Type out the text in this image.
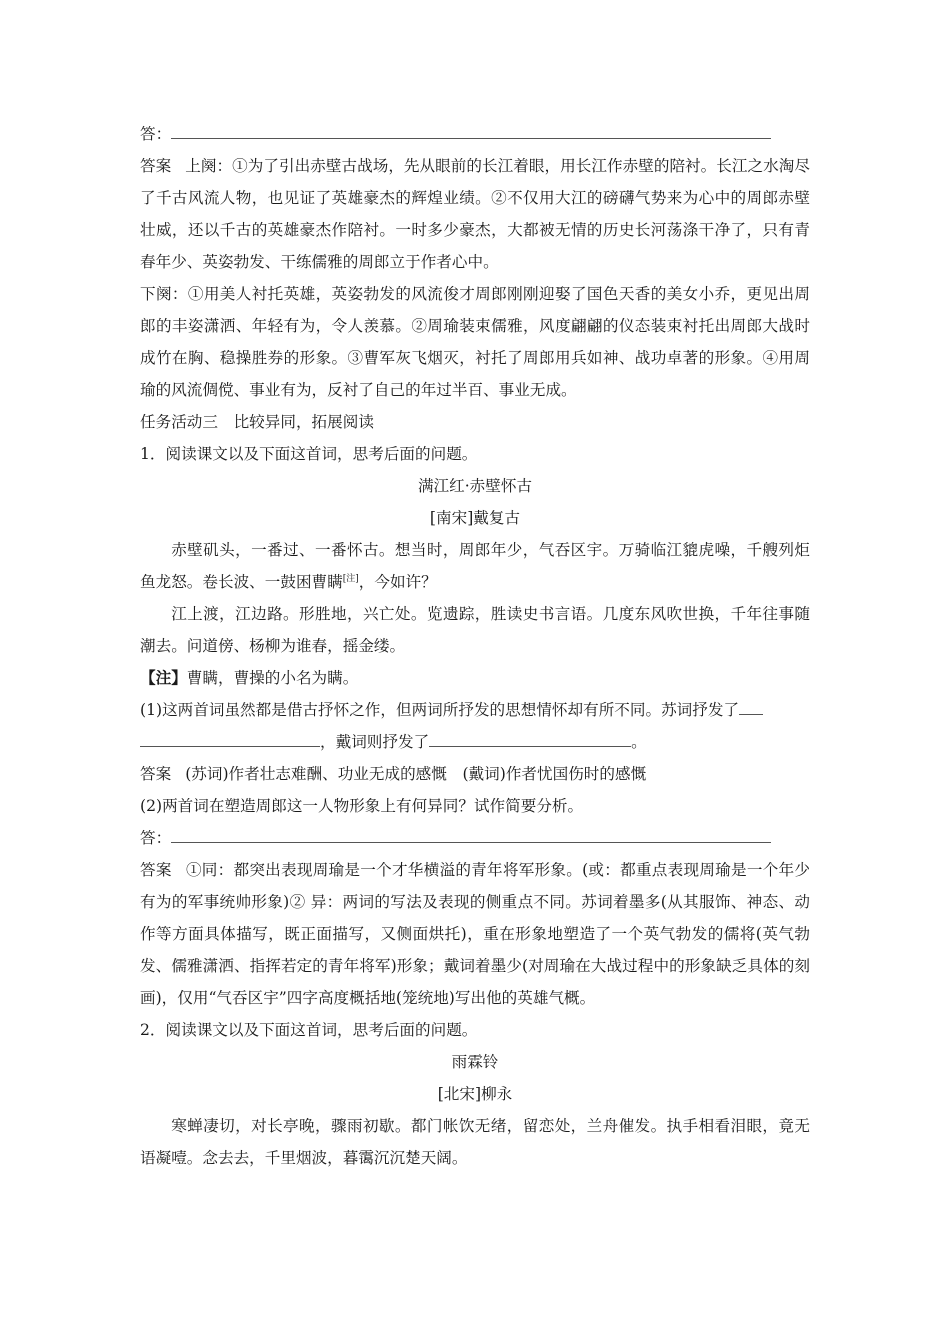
答：
答案 上阕：①为了引出赤壁古战场，先从眼前的长江着眼，用长江作赤壁的陪衬。长江之水淘尽了千古风流人物，也见证了英雄豪杰的辉煌业绩。②不仅用大江的磅礴气势来为心中的周郎赤壁壮威，还以千古的英雄豪杰作陪衬。一时多少豪杰，大都被无情的历史长河荡涤干净了，只有青春年少、英姿勃发、干练儒雅的周郎立于作者心中。
下阕：①用美人衬托英雄，英姿勃发的风流俊才周郎刚刚迎娶了国色天香的美女小乔，更见出周郎的丰姿潇洒、年轻有为，令人羡慕。②周瑜装束儒雅，风度翩翩的仪态装束衬托出周郎大战时成竹在胸、稳操胜券的形象。③曹军灰飞烟灭，衬托了周郎用兵如神、战功卓著的形象。④用周瑜的风流倜傥、事业有为，反衬了自己的年过半百、事业无成。
任务活动三　比较异同，拓展阅读
1．阅读课文以及下面这首词，思考后面的问题。
满江红·赤壁怀古
[南宋]戴复古
赤壁矶头，一番过、一番怀古。想当时，周郎年少，气吞区宇。万骑临江貔虎噪，千艘列炬鱼龙怒。卷长波、一鼓困曹瞒[注]，今如许？
江上渡，江边路。形胜地，兴亡处。览遗踪，胜读史书言语。几度东风吹世换，千年往事随潮去。问道傍、杨柳为谁春，摇金缕。
【注】曹瞒，曹操的小名为瞒。
(1)这两首词虽然都是借古抒怀之作，但两词所抒发的思想情怀却有所不同。苏词抒发了
，戴词则抒发了	。
答案 (苏词)作者壮志难酬、功业无成的感慨　(戴词)作者忧国伤时的感慨
(2)两首词在塑造周郎这一人物形象上有何异同？试作简要分析。
答：
答案 ①同：都突出表现周瑜是一个才华横溢的青年将军形象。(或：都重点表现周瑜是一个年少有为的军事统帅形象)② 异：两词的写法及表现的侧重点不同。苏词着墨多(从其服饰、神态、动作等方面具体描写，既正面描写，又侧面烘托)，重在形象地塑造了一个英气勃发的儒将(英气勃发、儒雅潇洒、指挥若定的青年将军)形象；戴词着墨少(对周瑜在大战过程中的形象缺乏具体的刻画)，仅用“气吞区宇”四字高度概括地(笼统地)写出他的英雄气概。
2．阅读课文以及下面这首词，思考后面的问题。
雨霖铃
[北宋]柳永
寒蝉凄切，对长亭晚，骤雨初歇。都门帐饮无绪，留恋处，兰舟催发。执手相看泪眼，竟无语凝噎。念去去，千里烟波，暮霭沉沉楚天阔。
